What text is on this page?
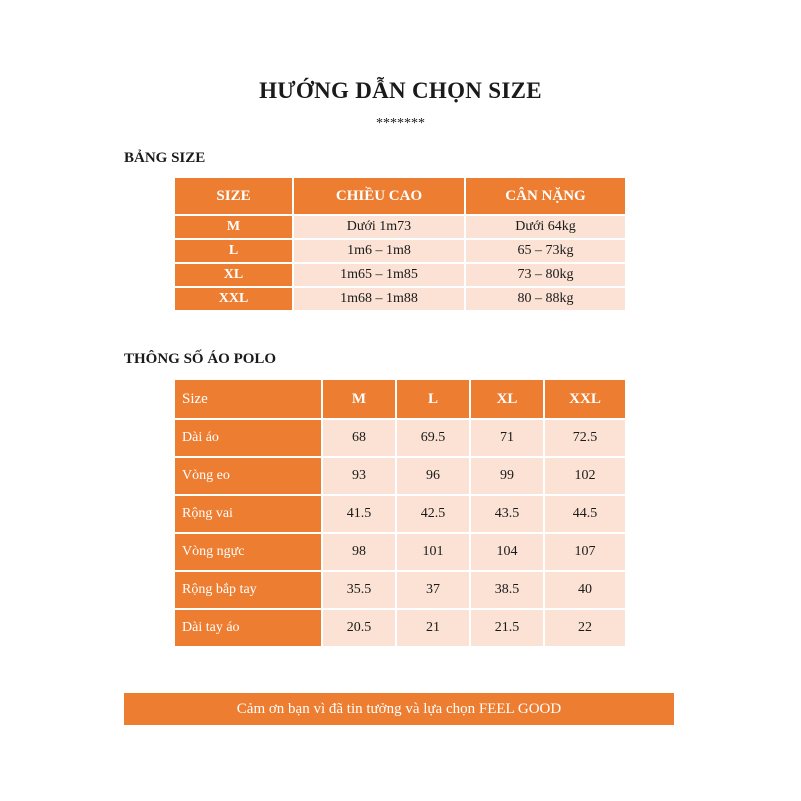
HƯỚNG DẪN CHỌN SIZE
*******
BẢNG SIZE
SIZE	CHIỀU CAO	CÂN NẶNG
M	Dưới 1m73	Dưới 64kg
L	1m6 – 1m8	65 – 73kg
XL	1m65 – 1m85	73 – 80kg
XXL	1m68 – 1m88	80 – 88kg
THÔNG SỐ ÁO POLO
Size	M	L	XL	XXL
Dài áo	68	69.5	71	72.5
Vòng eo	93	96	99	102
Rộng vai	41.5	42.5	43.5	44.5
Vòng ngực	98	101	104	107
Rộng bắp tay	35.5	37	38.5	40
Dài tay áo	20.5	21	21.5	22
Cảm ơn bạn vì đã tin tưởng và lựa chọn FEEL GOOD
